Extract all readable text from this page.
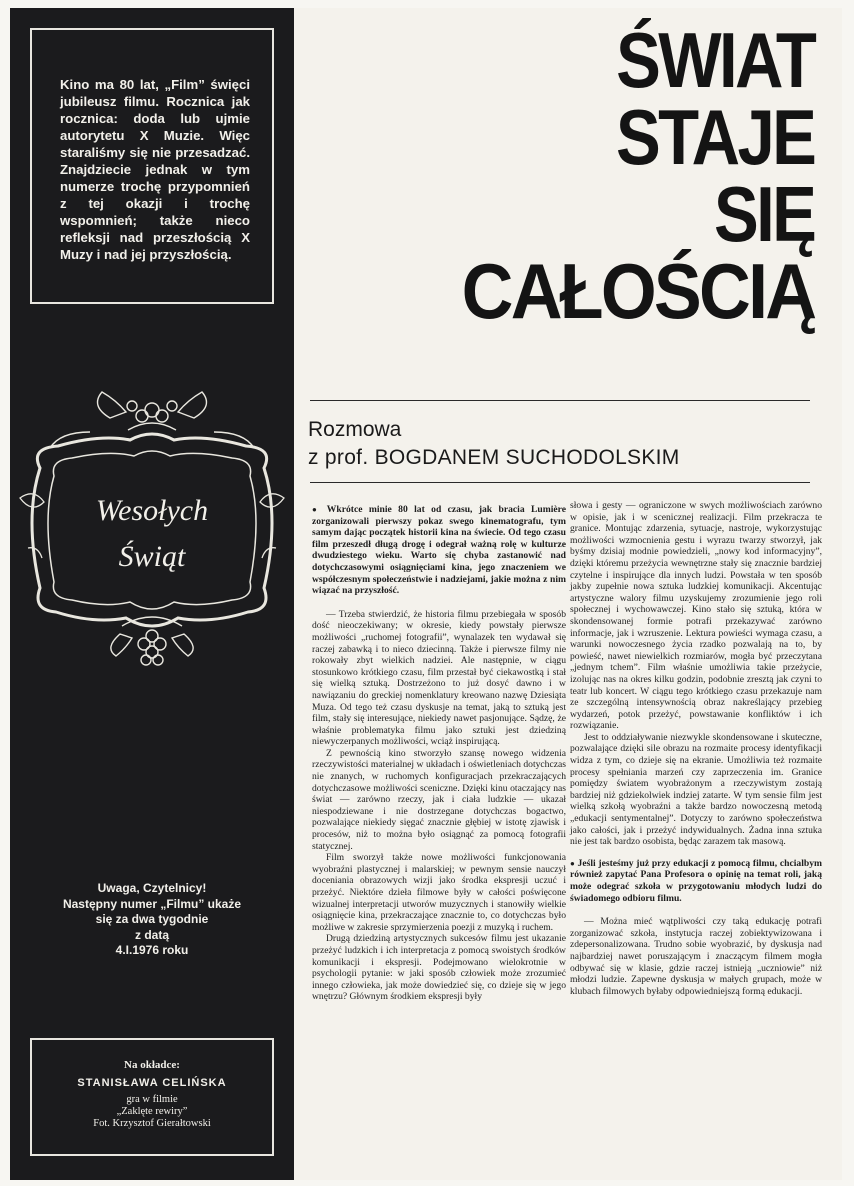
Kino ma 80 lat, „Film” święci jubileusz filmu. Rocznica jak rocznica: doda lub ujmie autorytetu X Muzie. Więc staraliśmy się nie przesadzać. Znajdziecie jednak w tym numerze trochę przypomnień z tej okazji i trochę wspomnień; także nieco refleksji nad przeszłością X Muzy i nad jej przyszłością.

Wesołych
Świąt
Uwaga, Czytelnicy!
Następny numer „Filmu” ukaże
się za dwa tygodnie
z datą
4.I.1976 roku
Na okładce:
STANISŁAWA CELIŃSKA
gra w filmie
„Zaklęte rewiry”
Fot. Krzysztof Gierałtowski
ŚWIAT
STAJE
SIĘ
CAŁOŚCIĄ
Rozmowa
z prof. BOGDANEM SUCHODOLSKIM

● Wkrótce minie 80 lat od czasu, jak bracia Lumière zorganizowali pierwszy pokaz swego kinematografu, tym samym dając początek historii kina na świecie. Od tego czasu film przeszedł długą drogę i odegrał ważną rolę w kulturze dwudziestego wieku. Warto się chyba zastanowić nad dotychczasowymi osiągnięciami kina, jego znaczeniem we współczesnym społeczeństwie i nadziejami, jakie można z nim wiązać na przyszłość.

— Trzeba stwierdzić, że historia filmu przebiegała w sposób dość nieoczekiwany; w okresie, kiedy powstały pierwsze możliwości „ruchomej fotografii”, wynalazek ten wydawał się raczej zabawką i to nieco dziecinną. Także i pierwsze filmy nie rokowały zbyt wielkich nadziei. Ale następnie, w ciągu stosunkowo krótkiego czasu, film przestał być ciekawostką i stał się wielką sztuką. Dostrzeżono to już dosyć dawno i w nawiązaniu do greckiej nomenklatury kreowano nazwę Dziesiąta Muza. Od tego też czasu dyskusje na temat, jaką to sztuką jest film, stały się interesujące, niekiedy nawet pasjonujące. Sądzę, że właśnie problematyka filmu jako sztuki jest dziedziną niewyczerpanych możliwości, wciąż inspirującą.

Z pewnością kino stworzyło szansę nowego widzenia rzeczywistości materialnej w układach i oświetleniach dotychczas nie znanych, w ruchomych konfiguracjach przekraczających dotychczasowe możliwości sceniczne. Dzięki kinu otaczający nas świat — zarówno rzeczy, jak i ciała ludzkie — ukazał niespodziewane i nie dostrzegane dotychczas bogactwo, pozwalające niekiedy sięgać znacznie głębiej w istotę zjawisk i procesów, niż to można było osiągnąć za pomocą fotografii statycznej.

Film sworzył także nowe możliwości funkcjonowania wyobraźni plastycznej i malarskiej; w pewnym sensie nauczył doceniania obrazowych wizji jako środka ekspresji uczuć i przeżyć. Niektóre dzieła filmowe były w całości poświęcone wizualnej interpretacji utworów muzycznych i stanowiły wielkie osiągnięcie kina, przekraczające znacznie to, co dotychczas było możliwe w zakresie sprzymierzenia poezji z muzyką i ruchem.

Drugą dziedziną artystycznych sukcesów filmu jest ukazanie przeżyć ludzkich i ich interpretacja z pomocą swoistych środków komunikacji i ekspresji. Podejmowano wielokrotnie w psychologii pytanie: w jaki sposób człowiek może zrozumieć innego człowieka, jak może dowiedzieć się, co dzieje się w jego wnętrzu? Głównym środkiem ekspresji były

słowa i gesty — ograniczone w swych możliwościach zarówno w opisie, jak i w scenicznej realizacji. Film przekracza te granice. Montując zdarzenia, sytuacje, nastroje, wykorzystując możliwości wzmocnienia gestu i wyrazu twarzy stworzył, jak byśmy dzisiaj modnie powiedzieli, „nowy kod informacyjny”, dzięki któremu przeżycia wewnętrzne stały się znacznie bardziej czytelne i inspirujące dla innych ludzi. Powstała w ten sposób jakby zupełnie nowa sztuka ludzkiej komunikacji. Akcentując artystyczne walory filmu uzyskujemy zrozumienie jego roli społecznej i wychowawczej. Kino stało się sztuką, która w skondensowanej formie potrafi przekazywać zarówno informacje, jak i wzruszenie. Lektura powieści wymaga czasu, a warunki nowoczesnego życia rzadko pozwalają na to, by powieść, nawet niewielkich rozmiarów, mogła być przeczytana „jednym tchem”. Film właśnie umożliwia takie przeżycie, izolując nas na okres kilku godzin, podobnie zresztą jak czyni to teatr lub koncert. W ciągu tego krótkiego czasu przekazuje nam ze szczególną intensywnością obraz nakreślający przebieg wydarzeń, potok przeżyć, powstawanie konfliktów i ich rozwiązanie.

Jest to oddziaływanie niezwykle skondensowane i skuteczne, pozwalające dzięki sile obrazu na rozmaite procesy identyfikacji widza z tym, co dzieje się na ekranie. Umożliwia też rozmaite procesy spełniania marzeń czy zaprzeczenia im. Granice pomiędzy światem wyobrażonym a rzeczywistym zostają bardziej niż gdziekolwiek indziej zatarte. W tym sensie film jest wielką szkołą wyobraźni a także bardzo nowoczesną metodą „edukacji sentymentalnej”. Dotyczy to zarówno społeczeństwa jako całości, jak i przeżyć indywidualnych. Żadna inna sztuka nie jest tak bardzo osobista, będąc zarazem tak masową.

● Jeśli jesteśmy już przy edukacji z pomocą filmu, chcialbym również zapytać Pana Profesora o opinię na temat roli, jaką może odegrać szkoła w przygotowaniu młodych ludzi do świadomego odbioru filmu.

— Można mieć wątpliwości czy taką edukację potrafi zorganizować szkoła, instytucja raczej zobiektywizowana i zdepersonalizowana. Trudno sobie wyobrazić, by dyskusja nad najbardziej nawet poruszającym i znaczącym filmem mogła odbywać się w klasie, gdzie raczej istnieją „uczniowie” niż młodzi ludzie. Zapewne dyskusja w małych grupach, może w klubach filmowych byłaby odpowiedniejszą formą edukacji.
